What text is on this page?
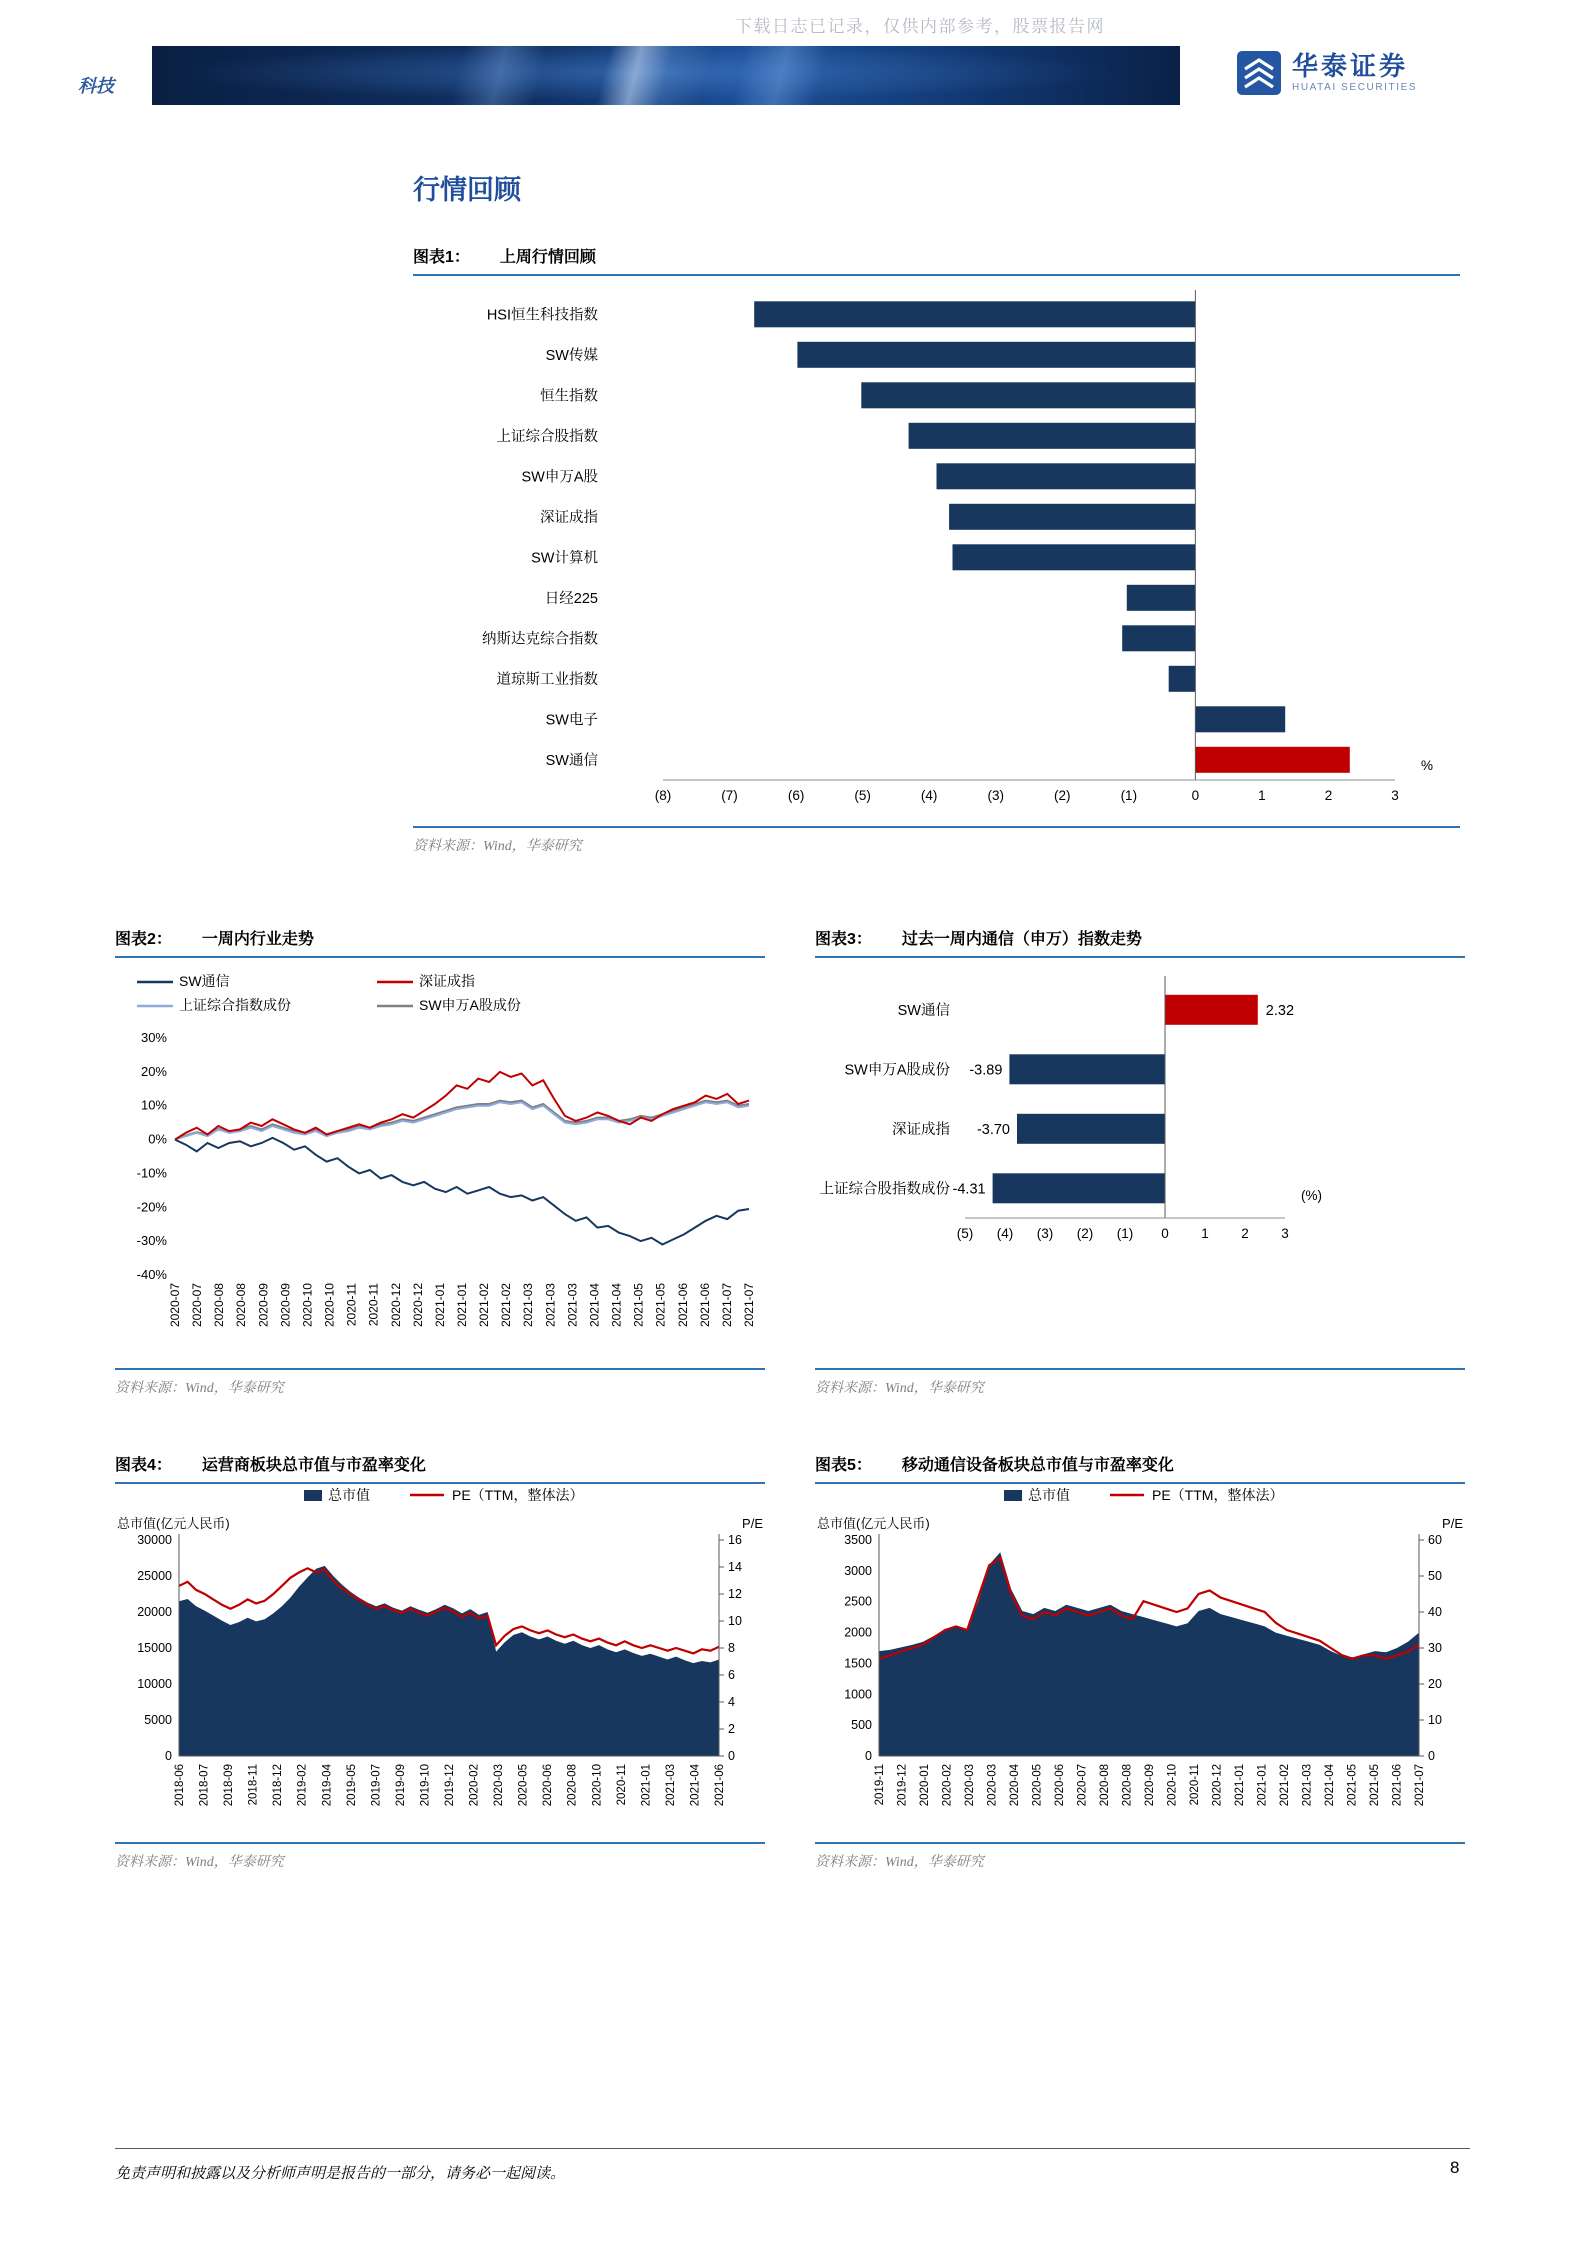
下载日志已记录，仅供内部参考，股票报告网
科技
华泰证券
HUATAI SECURITIES
行情回顾
图表1： 上周行情回顾
HSI恒生科技指数
SW传媒
恒生指数
上证综合股指数
SW申万A股
深证成指
SW计算机
日经225
纳斯达克综合指数
道琼斯工业指数
SW电子
SW通信
(8)	(7)	(6)	(5)	(4)	(3)	(2)	(1)	0	1	2	3
%
资料来源：Wind，华泰研究
图表2： 一周内行业走势
SW通信	深证成指
上证综合指数成份	SW申万A股成份
30%
20%
10%
0%
-10%
-20%
-30%
-40%
2020-07 2020-07 2020-08 2020-08 2020-09 2020-09 2020-10 2020-10 2020-11 2020-11 2020-12 2020-12 2021-01 2021-01 2021-02 2021-02 2021-03 2021-03 2021-03 2021-04 2021-04 2021-05 2021-05 2021-06 2021-06 2021-07 2021-07
资料来源：Wind，华泰研究
图表3： 过去一周内通信（申万）指数走势
SW通信	2.32
SW申万A股成份 -3.89
深证成指 -3.70
上证综合股指数成份 -4.31
(5) (4) (3) (2) (1) 0 1 2 3
(%)
资料来源：Wind，华泰研究
图表4： 运营商板块总市值与市盈率变化
总市值	PE（TTM，整体法）
总市值(亿元人民币)	P/E
0
5000
10000
15000
20000
25000
30000
0
2
4
6
8
10
12
14
16
2018-06 2018-07 2018-09 2018-11 2018-12 2019-02 2019-04 2019-05 2019-07 2019-09 2019-10 2019-12 2020-02 2020-03 2020-05 2020-06 2020-08 2020-10 2020-11 2021-01 2021-03 2021-04 2021-06
资料来源：Wind，华泰研究
图表5： 移动通信设备板块总市值与市盈率变化
总市值	PE（TTM，整体法）
总市值(亿元人民币)	P/E
0
500
1000
1500
2000
2500
3000
3500
0
10
20
30
40
50
60
2019-11 2019-12 2020-01 2020-02 2020-03 2020-03 2020-04 2020-05 2020-06 2020-07 2020-08 2020-08 2020-09 2020-10 2020-11 2020-12 2021-01 2021-01 2021-02 2021-03 2021-04 2021-05 2021-05 2021-06 2021-07
资料来源：Wind，华泰研究
免责声明和披露以及分析师声明是报告的一部分，请务必一起阅读。	8
